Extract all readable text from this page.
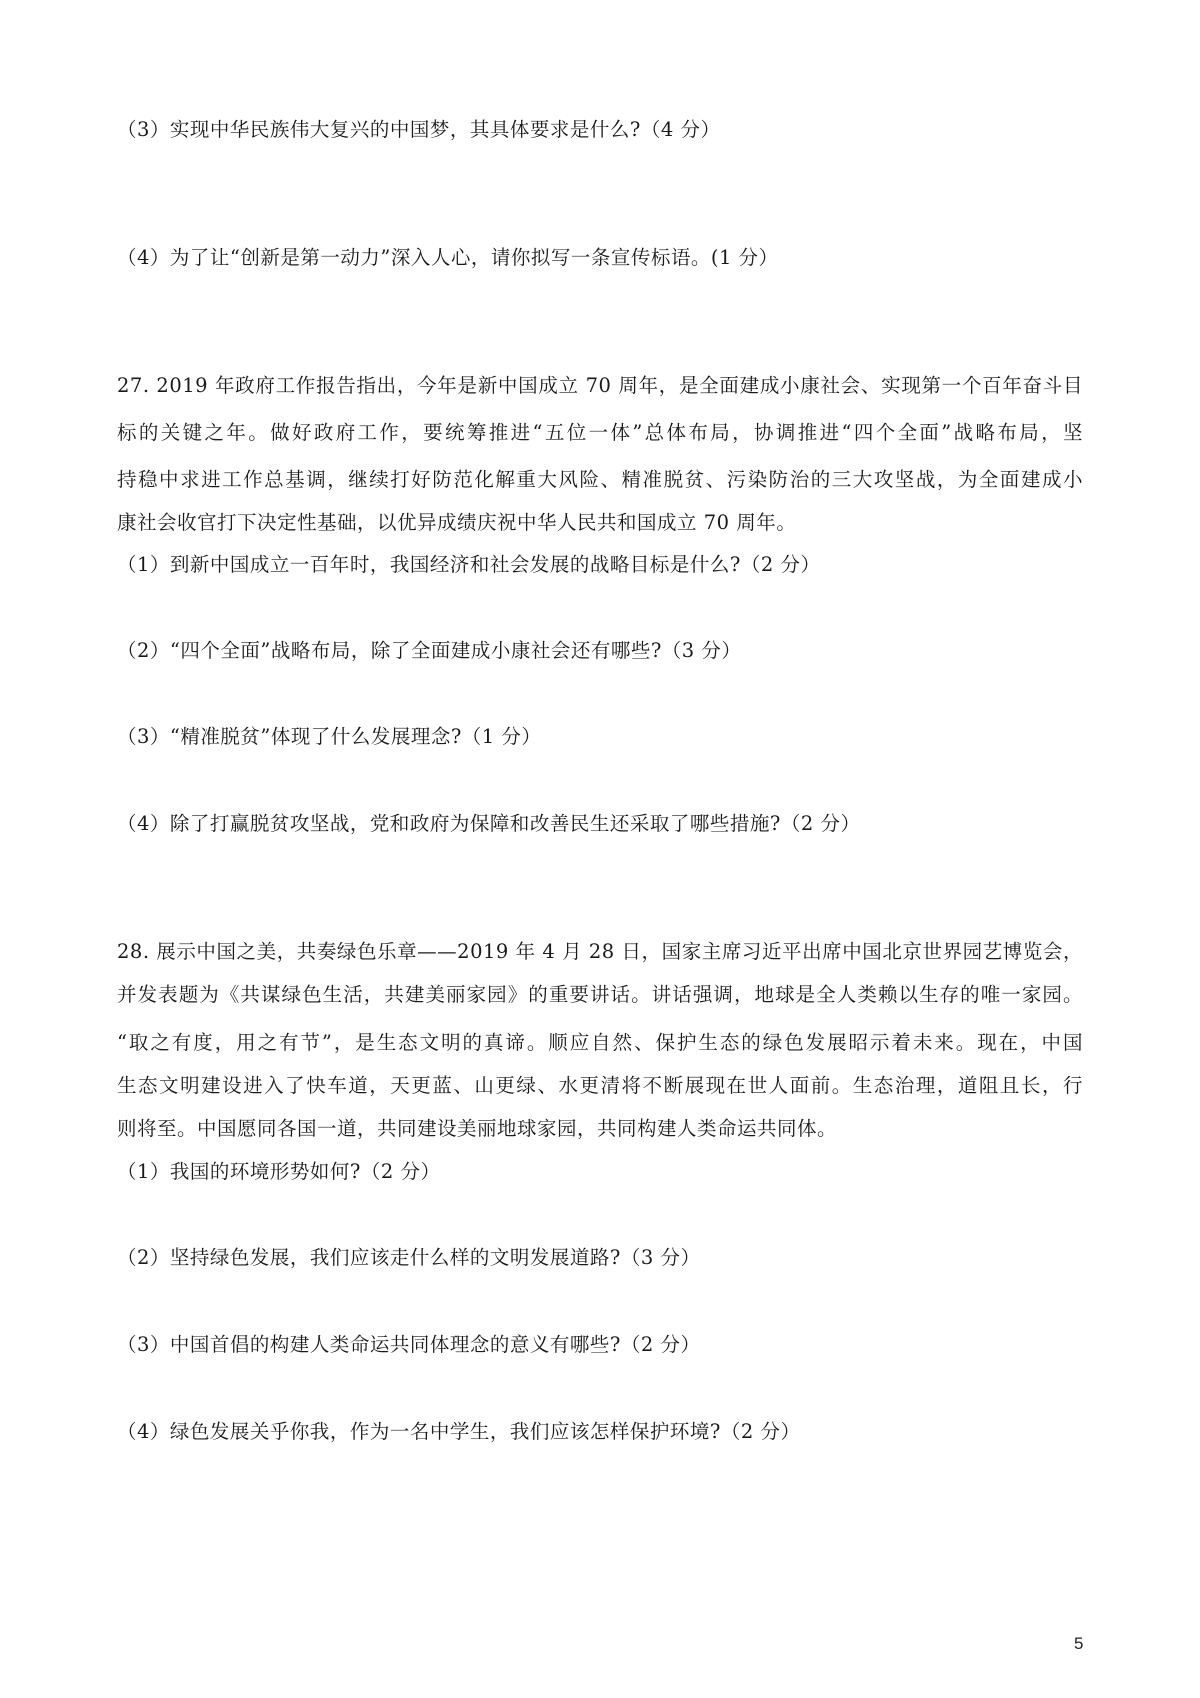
（3）实现中华民族伟大复兴的中国梦，其具体要求是什么?（4 分）
（4）为了让“创新是第一动力”深入人心，请你拟写一条宣传标语。(1 分）
27. 2019 年政府工作报告指出，今年是新中国成立 70 周年，是全面建成小康社会、实现第一个百年奋斗目
标的关键之年。做好政府工作，要统筹推进“五位一体”总体布局，协调推进“四个全面”战略布局，坚
持稳中求进工作总基调，继续打好防范化解重大风险、精准脱贫、污染防治的三大攻坚战，为全面建成小
康社会收官打下决定性基础，以优异成绩庆祝中华人民共和国成立 70 周年。
（1）到新中国成立一百年时，我国经济和社会发展的战略目标是什么?（2 分）
（2）“四个全面”战略布局，除了全面建成小康社会还有哪些?（3 分）
（3）“精准脱贫”体现了什么发展理念?（1 分）
（4）除了打赢脱贫攻坚战，党和政府为保障和改善民生还采取了哪些措施?（2 分）
28. 展示中国之美，共奏绿色乐章——2019 年 4 月 28 日，国家主席习近平出席中国北京世界园艺博览会，
并发表题为《共谋绿色生活，共建美丽家园》的重要讲话。讲话强调，地球是全人类赖以生存的唯一家园。
“取之有度，用之有节”，是生态文明的真谛。顺应自然、保护生态的绿色发展昭示着未来。现在，中国
生态文明建设进入了快车道，天更蓝、山更绿、水更清将不断展现在世人面前。生态治理，道阻且长，行
则将至。中国愿同各国一道，共同建设美丽地球家园，共同构建人类命运共同体。
（1）我国的环境形势如何?（2 分）
（2）坚持绿色发展，我们应该走什么样的文明发展道路?（3 分）
（3）中国首倡的构建人类命运共同体理念的意义有哪些?（2 分）
（4）绿色发展关乎你我，作为一名中学生，我们应该怎样保护环境?（2 分）
5
